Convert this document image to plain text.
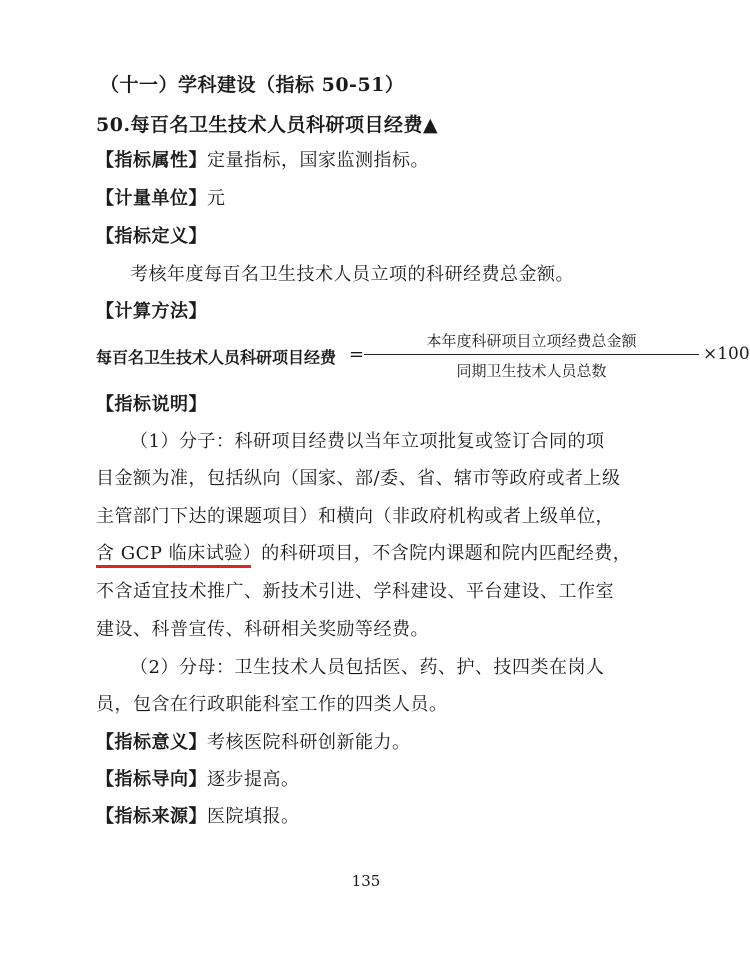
（十一）学科建设（指标 50-51）
50.每百名卫生技术人员科研项目经费▲
【指标属性】定量指标，国家监测指标。
【计量单位】元
【指标定义】
考核年度每百名卫生技术人员立项的科研经费总金额。
【计算方法】
每百名卫生技术人员科研项目经费 =
本年度科研项目立项经费总金额
同期卫生技术人员总数
×100
【指标说明】
（1）分子：科研项目经费以当年立项批复或签订合同的项
目金额为准，包括纵向（国家、部/委、省、辖市等政府或者上级
主管部门下达的课题项目）和横向（非政府机构或者上级单位，
含 GCP 临床试验）的科研项目，不含院内课题和院内匹配经费，
不含适宜技术推广、新技术引进、学科建设、平台建设、工作室
建设、科普宣传、科研相关奖励等经费。
（2）分母：卫生技术人员包括医、药、护、技四类在岗人
员，包含在行政职能科室工作的四类人员。
【指标意义】考核医院科研创新能力。
【指标导向】逐步提高。
【指标来源】医院填报。
135
